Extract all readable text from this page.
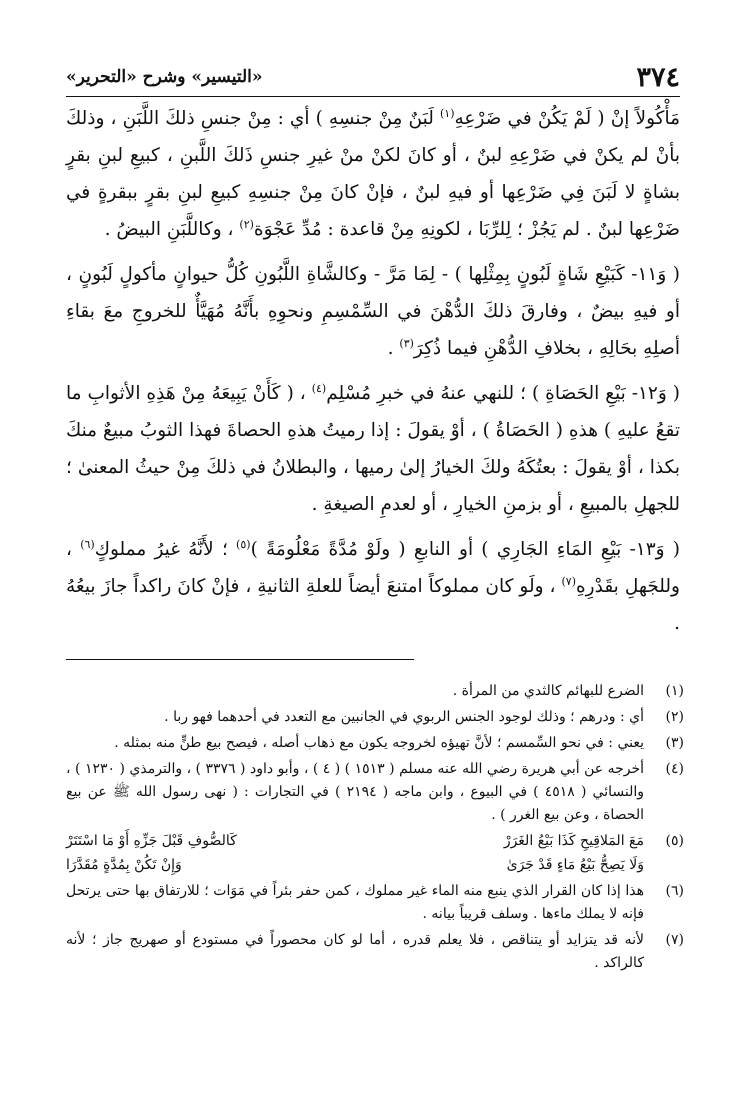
٣٧٤
«التيسير» وشرح «التحرير»

مَأْكُولاً إنْ ( لَمْ يَكُنْ في ضَرْعِهِ$^{(١)}$ لَبَنٌ مِنْ جنسِهِ ) أي : مِنْ جنسِ ذلكَ اللَّبَنِ ، وذلكَ بأنْ لم يكنْ في ضَرْعِهِ لبنٌ ، أو كانَ لكنْ منْ غيرِ جنسِ ذَلكَ اللَّبنِ ، كبيعِ لبنِ بقرٍ بشاةٍ لا لَبَنَ فِي ضَرْعِها أو فيهِ لبنٌ ، فإنْ كانَ مِنْ جنسِهِ كبيعِ لبنِ بقرٍ ببقرةٍ في ضَرْعِها لبنٌ . لم يَجُزْ ؛ لِلرِّبَا ، لكونِهِ مِنْ قاعدة : مُدِّ عَجْوَة$^{(٢)}$ ، وكاللَّبَنِ البيضُ .

( وَ١١- كَبَيْعِ شَاةٍ لَبُونٍ بِمِثْلِها ) - لِمَا مَرَّ - وكالشَّاةِ اللَّبُونِ كُلُّ حيوانٍ مأكولٍ لَبُونٍ ، أو فيهِ بيضٌ ، وفارقَ ذلكَ الدُّهْنَ في السِّمْسِمِ ونحوِهِ بأَنَّهُ مُهَيَّأٌ للخروجِ معَ بقاءِ أصلِهِ بحَالِهِ ، بخلافِ الدُّهْنِ فيما ذُكِرَ$^{(٣)}$ .

( وَ١٢- بَيْعِ الحَصَاةِ ) ؛ للنهي عنهُ في خبرِ مُسْلِم$^{(٤)}$ ، ( كَأَنْ يَبِيعَهُ مِنْ هَذِهِ الأثوابِ ما تقعُ عليهِ ) هذهِ ( الحَصَاةُ ) ، أوْ يقولَ : إذا رميتُ هذهِ الحصاةَ فهذا الثوبُ مبيعٌ منكَ بكذا ، أوْ يقولَ : بعتُكَهُ ولكَ الخيارُ إلىٰ رميها ، والبطلانُ في ذلكَ مِنْ حيثُ المعنىٰ ؛ للجهلِ بالمبيعِ ، أو بزمنِ الخيارِ ، أو لعدمِ الصيغةِ .

( وَ١٣- بَيْعِ المَاءِ الجَارِي ) أو النابعِ ( ولَوْ مُدَّةً مَعْلُومَةً )$^{(٥)}$ ؛ لأَنَّهُ غيرُ مملوكٍ$^{(٦)}$ ، وللجَهلِ بقَدْرِهِ$^{(٧)}$ ، ولَو كان مملوكاً امتنعَ أيضاً للعلةِ الثانيةِ ، فإنْ كانَ راكداً جازَ بيعُهُ .

(١)
الضرع للبهائم كالثدي من المرأة .
(٢)
أي : ودرهم ؛ وذلك لوجود الجنس الربوي في الجانبين مع التعدد في أحدهما فهو ربا .
(٣)
يعني : في نحو السِّمسم ؛ لأنَّ تهيؤه لخروجه يكون مع ذهاب أصله ، فيصح بيع طنٍّ منه بمثله .
(٤)
أخرجه عن أبي هريرة رضي الله عنه مسلم ( ١٥١٣ ) ( ٤ ) ، وأبو داود ( ٣٣٧٦ ) ، والترمذي ( ١٢٣٠ ) ، والنسائي ( ٤٥١٨ ) في البيوع ، وابن ماجه ( ٢١٩٤ ) في التجارات : ( نهى رسول الله ﷺ عن بيع الحصاة ، وعن بيع الغرر ) .
(٥)
مَعَ المَلاقِيحِ كَذَا بَيْعُ الغَرَرْ
كَالصُّوفِ قَبْلَ جَزِّهِ أَوْ مَا اسْتَتَرْ
وَلَا يَصِحُّ بَيْعُ مَاءٍ قَدْ جَرَىٰ
وَإِنْ تَكُنْ بِمُدَّةٍ مُقَدَّرَا
(٦)
هذا إذا كان القرار الذي ينبع منه الماء غير مملوك ، كمن حفر بئراً في مَوَات ؛ للارتفاق بها حتى يرتحل فإنه لا يملك ماءها . وسلف قريباً بيانه .
(٧)
لأنه قد يتزايد أو يتناقص ، فلا يعلم قدره ، أما لو كان محصوراً في مستودع أو صهريج جاز ؛ لأنه كالراكد .
